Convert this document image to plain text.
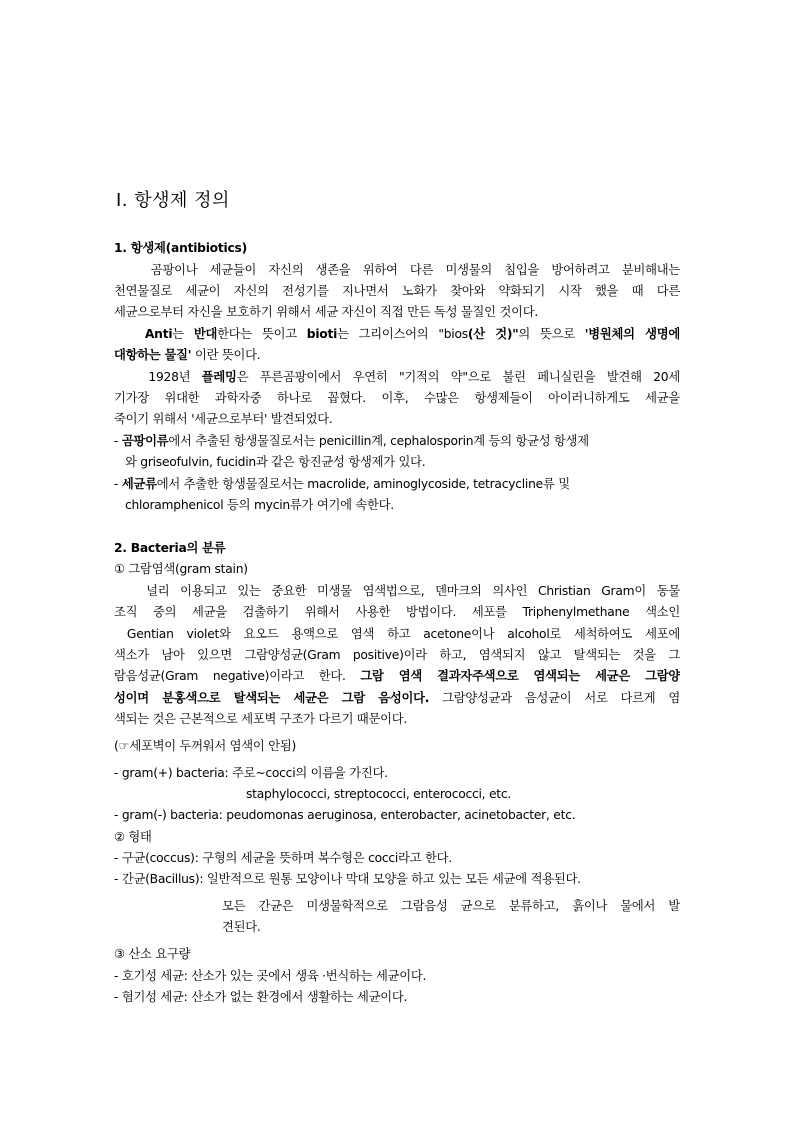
Ⅰ. 항생제 정의
1. 항생제(antibiotics)
곰팡이나 세균들이 자신의 생존을 위하여 다른 미생물의 침입을 방어하려고 분비해내는
천연물질로 세균이 자신의 전성기를 지나면서 노화가 찾아와 약화되기 시작 했을 때 다른
세균으로부터 자신을 보호하기 위해서 세균 자신이 직접 만든 독성 물질인 것이다.
Anti는 반대한다는 뜻이고 bioti는 그리이스어의 "bios(산 것)"의 뜻으로 '병원체의 생명에
대항하는 물질' 이란 뜻이다.
1928년 플레밍은 푸른곰팡이에서 우연히 "기적의 약"으로 불린 페니실린을 발견해 20세
기가장 위대한 과학자중 하나로 꼽혔다. 이후, 수많은 항생제들이 아이러니하게도 세균을
죽이기 위해서 '세균으로부터' 발견되었다.
- 곰팡이류에서 추출된 항생물질로서는 penicillin계, cephalosporin계 등의 항균성 항생제
와 griseofulvin, fucidin과 같은 항진균성 항생제가 있다.
- 세균류에서 추출한 항생물질로서는 macrolide, aminoglycoside, tetracycline류 및
chloramphenicol 등의 mycin류가 여기에 속한다.
2. Bacteria의 분류
① 그람염색(gram stain)
널리 이용되고 있는 중요한 미생물 염색법으로, 덴마크의 의사인 Christian Gram이 동물
조직 중의 세균을 검출하기 위해서 사용한 방법이다. 세포를 Triphenylmethane 색소인
Gentian violet와 요오드 용액으로 염색 하고 acetone이나 alcohol로 세척하여도 세포에
색소가 남아 있으면 그람양성균(Gram positive)이라 하고, 염색되지 않고 탈색되는 것을 그
람음성균(Gram negative)이라고 한다. 그람 염색 결과자주색으로 염색되는 세균은 그람양
성이며 분홍색으로 탈색되는 세균은 그람 음성이다. 그람양성균과 음성균이 서로 다르게 염
색되는 것은 근본적으로 세포벽 구조가 다르기 때문이다.
(☞세포벽이 두꺼워서 염색이 안됨)
- gram(+) bacteria: 주로~cocci의 이름을 가진다.
staphylococci, streptococci, enterococci, etc.
- gram(-) bacteria: peudomonas aeruginosa, enterobacter, acinetobacter, etc.
② 형태
- 구균(coccus): 구형의 세균을 뜻하며 복수형은 cocci라고 한다.
- 간균(Bacillus): 일반적으로 원통 모양이나 막대 모양을 하고 있는 모든 세균에 적용된다.
모든 간균은 미생물학적으로 그람음성 균으로 분류하고, 흙이나 물에서 발
견된다.
③ 산소 요구량
- 호기성 세균: 산소가 있는 곳에서 생육 ·번식하는 세균이다.
- 혐기성 세균: 산소가 없는 환경에서 생활하는 세균이다.
